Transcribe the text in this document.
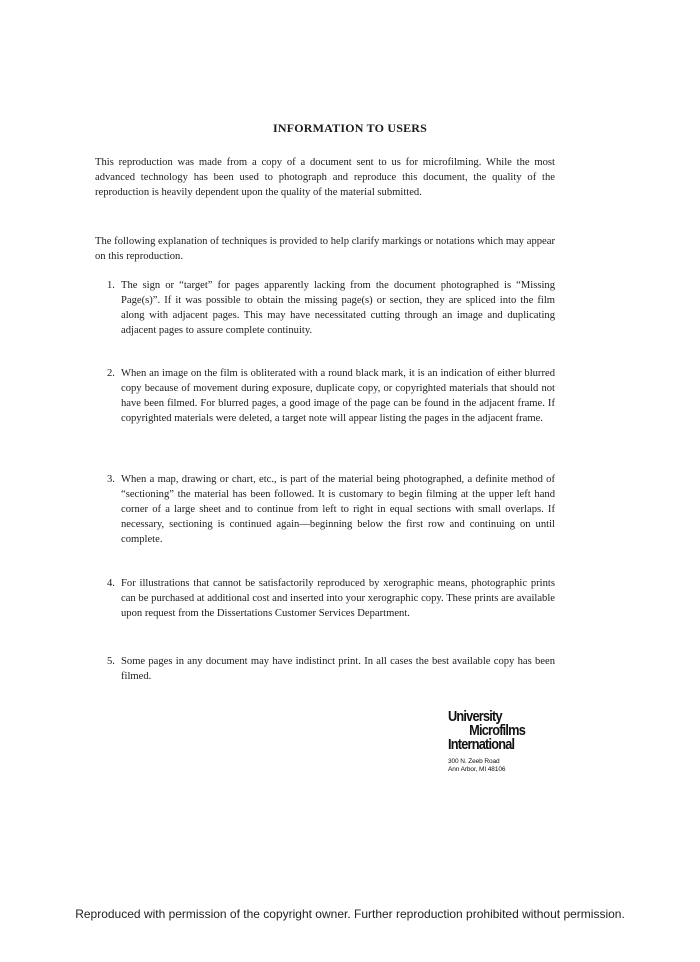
INFORMATION TO USERS

This reproduction was made from a copy of a document sent to us for microfilming. While the most advanced technology has been used to photograph and reproduce this document, the quality of the reproduction is heavily dependent upon the quality of the material submitted.

The following explanation of techniques is provided to help clarify markings or notations which may appear on this reproduction.

1. The sign or “target” for pages apparently lacking from the document photographed is “Missing Page(s)”. If it was possible to obtain the missing page(s) or section, they are spliced into the film along with adjacent pages. This may have necessitated cutting through an image and duplicating adjacent pages to assure complete continuity.
2. When an image on the film is obliterated with a round black mark, it is an indication of either blurred copy because of movement during exposure, duplicate copy, or copyrighted materials that should not have been filmed. For blurred pages, a good image of the page can be found in the adjacent frame. If copyrighted materials were deleted, a target note will appear listing the pages in the adjacent frame.
3. When a map, drawing or chart, etc., is part of the material being photographed, a definite method of “sectioning” the material has been followed. It is customary to begin filming at the upper left hand corner of a large sheet and to continue from left to right in equal sections with small overlaps. If necessary, sectioning is continued again—beginning below the first row and continuing on until complete.
4. For illustrations that cannot be satisfactorily reproduced by xerographic means, photographic prints can be purchased at additional cost and inserted into your xerographic copy. These prints are available upon request from the Dissertations Customer Services Department.
5. Some pages in any document may have indistinct print. In all cases the best available copy has been filmed.
University
Microfilms
International
300 N. Zeeb Road
Ann Arbor, MI 48106
Reproduced with permission of the copyright owner. Further reproduction prohibited without permission.
